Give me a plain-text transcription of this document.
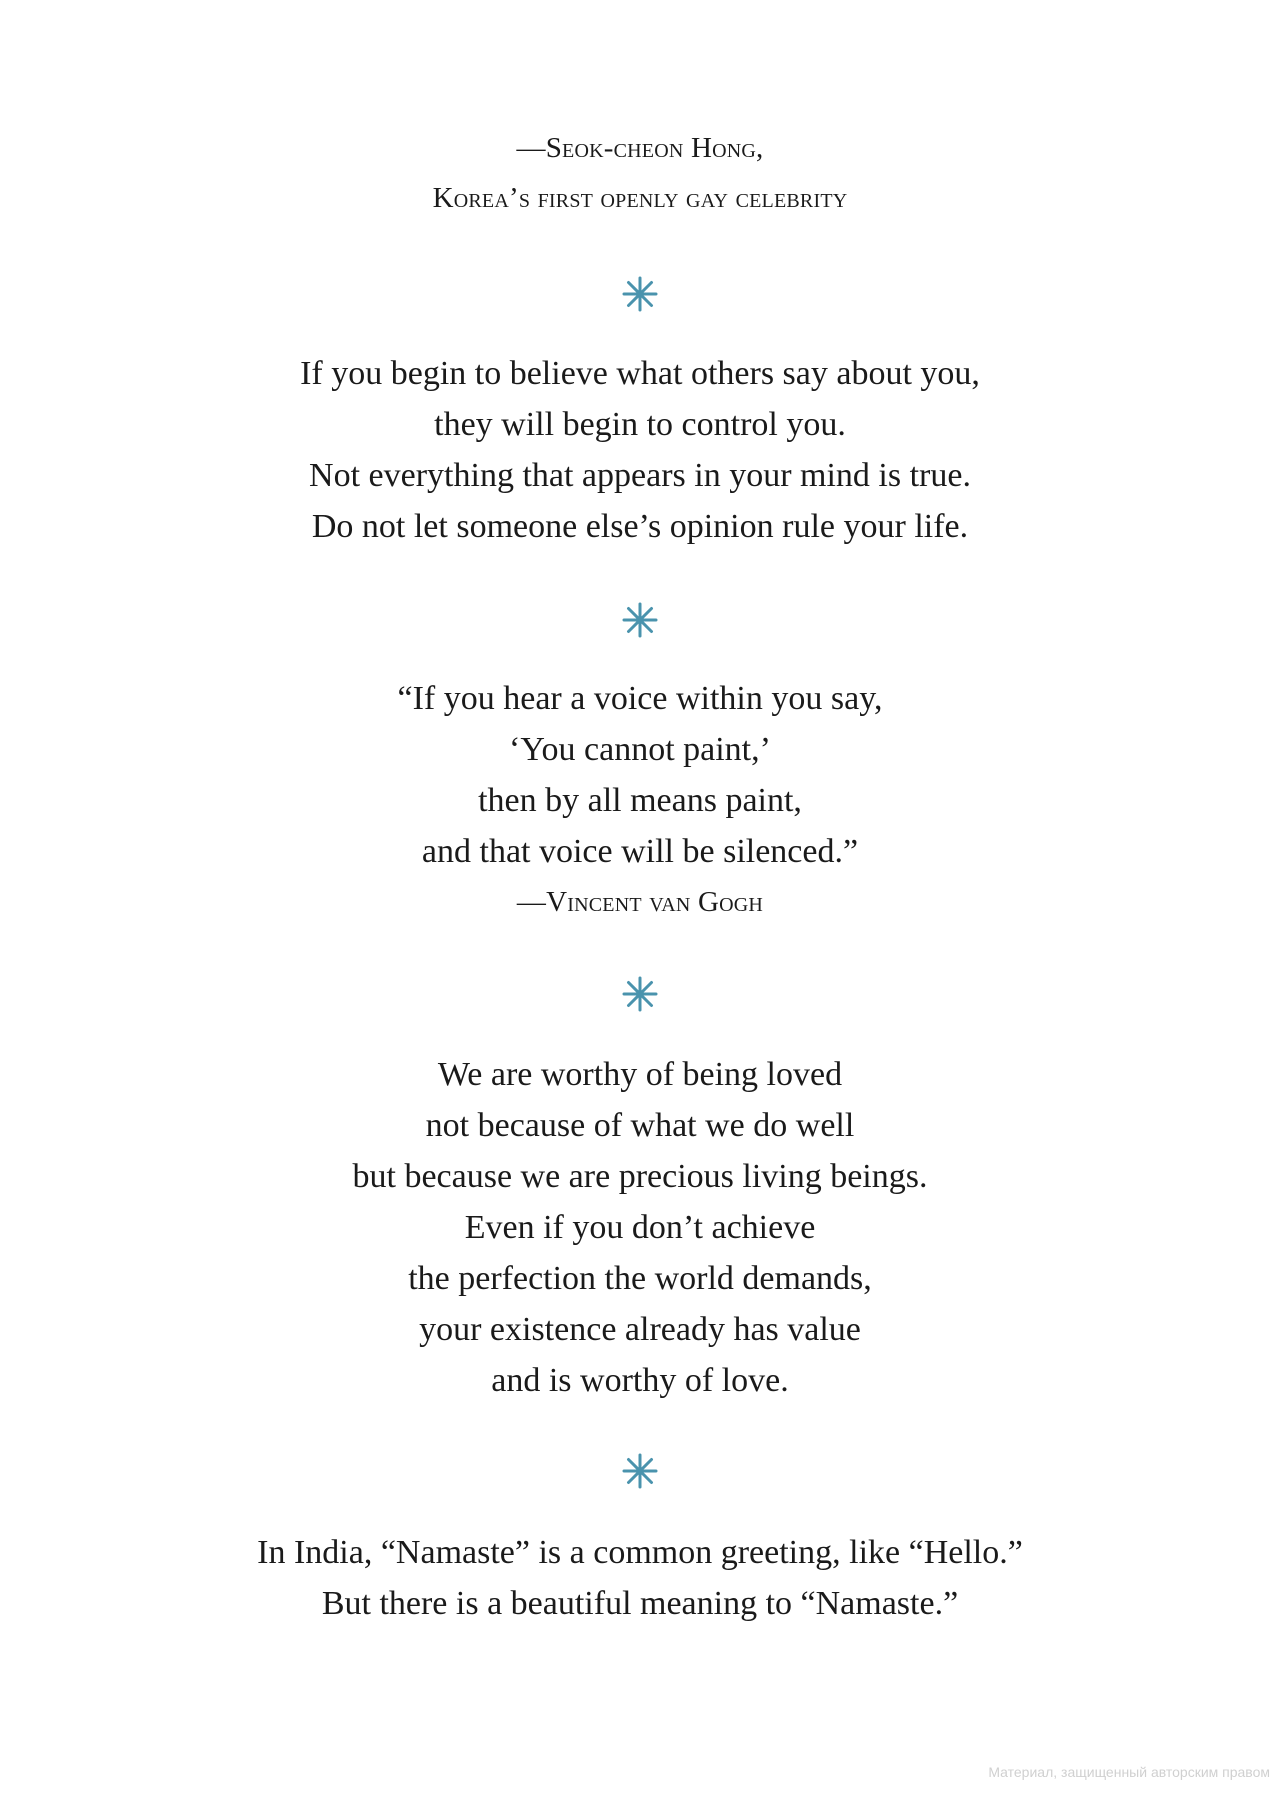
—Seok-cheon Hong,
Korea’s first openly gay celebrity
If you begin to believe what others say about you,
they will begin to control you.
Not everything that appears in your mind is true.
Do not let someone else’s opinion rule your life.
“If you hear a voice within you say,
‘You cannot paint,’
then by all means paint,
and that voice will be silenced.”
—Vincent van Gogh
We are worthy of being loved
not because of what we do well
but because we are precious living beings.
Even if you don’t achieve
the perfection the world demands,
your existence already has value
and is worthy of love.
In India, “Namaste” is a common greeting, like “Hello.”
But there is a beautiful meaning to “Namaste.”
Материал, защищенный авторским правом
